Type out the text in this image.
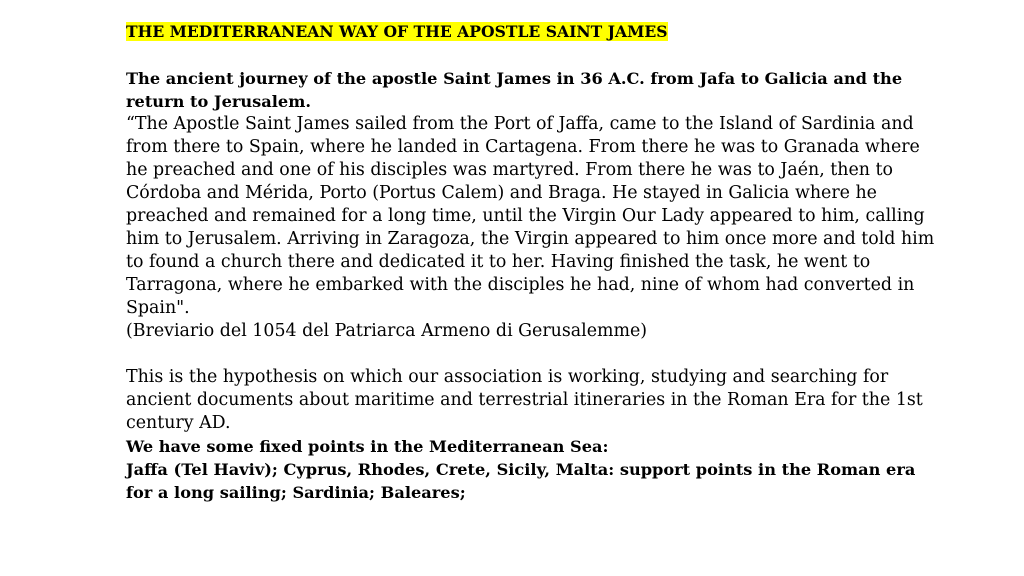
THE MEDITERRANEAN WAY OF THE APOSTLE SAINT JAMES

The ancient journey of the apostle Saint James in 36 A.C. from Jafa to Galicia and the return to Jerusalem.

“The Apostle Saint James sailed from the Port of Jaffa, came to the Island of Sardinia and from there to Spain, where he landed in Cartagena. From there he was to Granada where he preached and one of his disciples was martyred. From there he was to Jaén, then to Córdoba and Mérida, Porto (Portus Calem) and Braga. He stayed in Galicia where he preached and remained for a long time, until the Virgin Our Lady appeared to him, calling him to Jerusalem. Arriving in Zaragoza, the Virgin appeared to him once more and told him to found a church there and dedicated it to her. Having finished the task, he went to Tarragona, where he embarked with the disciples he had, nine of whom had converted in Spain".

(Breviario del 1054 del Patriarca Armeno di Gerusalemme)

This is the hypothesis on which our association is working, studying and searching for ancient documents about maritime and terrestrial itineraries in the Roman Era for the 1st century AD.

We have some fixed points in the Mediterranean Sea:

Jaffa (Tel Haviv); Cyprus, Rhodes, Crete, Sicily, Malta: support points in the Roman era for a long sailing; Sardinia; Baleares;
